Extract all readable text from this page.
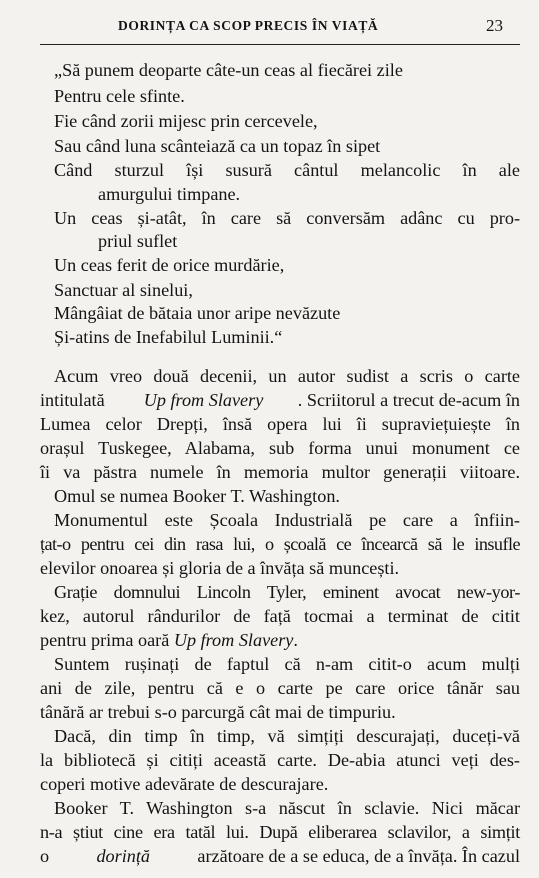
DORINȚA CA SCOP PRECIS ÎN VIAȚĂ	23
„Să punem deoparte câte-un ceas al fiecărei zile
Pentru cele sfinte.
Fie când zorii mijesc prin cercevele,
Sau când luna scânteiază ca un topaz în sipet
Când sturzul își susură cântul melancolic în ale
amurgului timpane.
Un ceas și-atât, în care să conversăm adânc cu pro-
priul suflet
Un ceas ferit de orice murdărie,
Sanctuar al sinelui,
Mângâiat de bătaia unor aripe nevăzute
Și-atins de Inefabilul Luminii.“
Acum vreo două decenii, un autor sudist a scris o carte
intitulată Up from Slavery . Scriitorul a trecut de-acum în
Lumea celor Drepți, însă opera lui îi supraviețuiește în
orașul Tuskegee, Alabama, sub forma unui monument ce
îi va păstra numele în memoria multor generații viitoare.
Omul se numea Booker T. Washington.
Monumentul este Școala Industrială pe care a înfiin-
țat-o pentru cei din rasa lui, o școală ce încearcă să le insufle
elevilor onoarea și gloria de a învăța să muncești.
Grație domnului Lincoln Tyler, eminent avocat new-yor-
kez, autorul rândurilor de față tocmai a terminat de citit
pentru prima oară Up from Slavery.
Suntem rușinați de faptul că n-am citit-o acum mulți
ani de zile, pentru că e o carte pe care orice tânăr sau
tânără ar trebui s-o parcurgă cât mai de timpuriu.
Dacă, din timp în timp, vă simțiți descurajați, duceți-vă
la bibliotecă și citiți această carte. De-abia atunci veți des-
coperi motive adevărate de descurajare.
Booker T. Washington s-a născut în sclavie. Nici măcar
n-a știut cine era tatăl lui. După eliberarea sclavilor, a simțit
o dorință arzătoare de a se educa, de a învăța. În cazul
